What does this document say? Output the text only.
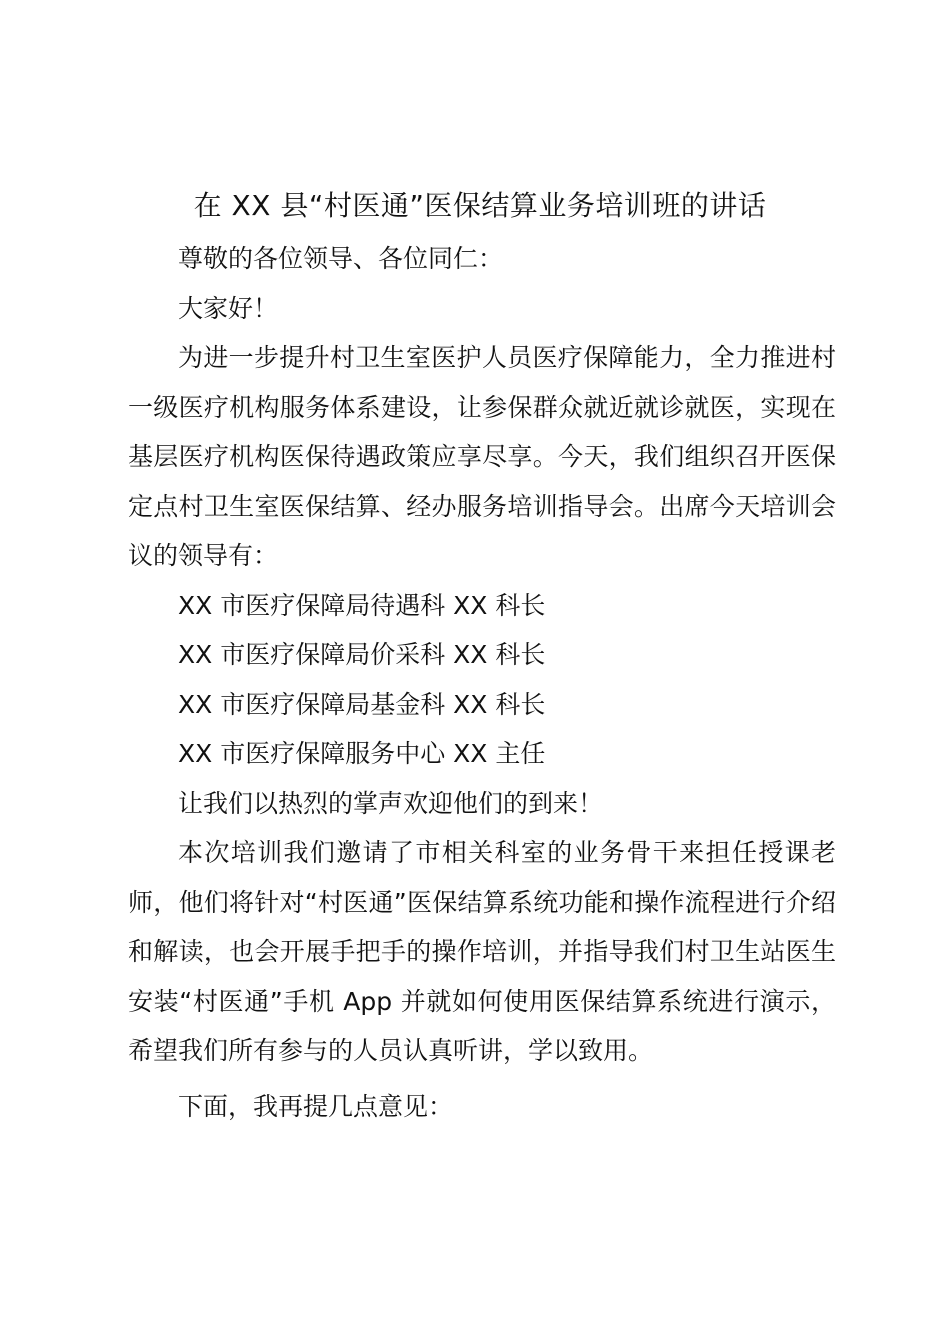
在 XX 县“村医通”医保结算业务培训班的讲话

尊敬的各位领导、各位同仁：

大家好！

为进一步提升村卫生室医护人员医疗保障能力，全力推进村一级医疗机构服务体系建设，让参保群众就近就诊就医，实现在基层医疗机构医保待遇政策应享尽享。今天，我们组织召开医保定点村卫生室医保结算、经办服务培训指导会。出席今天培训会议的领导有：

XX 市医疗保障局待遇科 XX 科长

XX 市医疗保障局价采科 XX 科长

XX 市医疗保障局基金科 XX 科长

XX 市医疗保障服务中心 XX 主任

让我们以热烈的掌声欢迎他们的到来！

本次培训我们邀请了市相关科室的业务骨干来担任授课老师，他们将针对“村医通”医保结算系统功能和操作流程进行介绍和解读，也会开展手把手的操作培训，并指导我们村卫生站医生安装“村医通”手机 App 并就如何使用医保结算系统进行演示，希望我们所有参与的人员认真听讲，学以致用。

下面，我再提几点意见：
